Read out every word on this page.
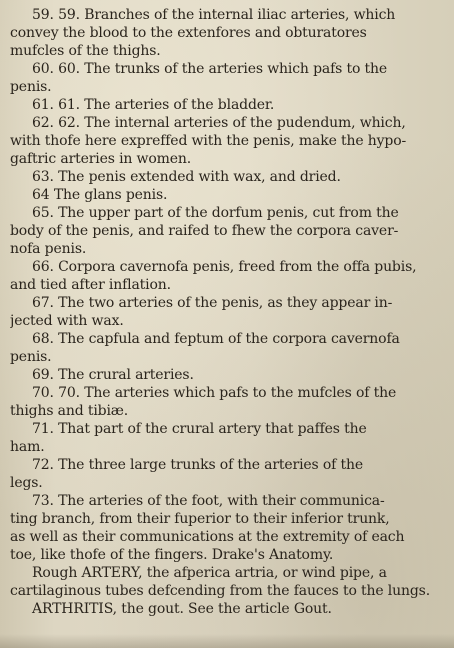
59. 59. Branches of the internal iliac arteries, which
convey the blood to the extenfores and obturatores
mufcles of the thighs.
60. 60. The trunks of the arteries which pafs to the
penis.
61. 61. The arteries of the bladder.
62. 62. The internal arteries of the pudendum, which,
with thofe here expreffed with the penis, make the hypo-
gaftric arteries in women.
63. The penis extended with wax, and dried.
64 The glans penis.
65. The upper part of the dorfum penis, cut from the
body of the penis, and raifed to fhew the corpora caver-
nofa penis.
66. Corpora cavernofa penis, freed from the offa pubis,
and tied after inflation.
67. The two arteries of the penis, as they appear in-
jected with wax.
68. The capfula and feptum of the corpora cavernofa
penis.
69. The crural arteries.
70. 70. The arteries which pafs to the mufcles of the
thighs and tibiæ.
71. That part of the crural artery that paffes the
ham.
72. The three large trunks of the arteries of the
legs.
73. The arteries of the foot, with their communica-
ting branch, from their fuperior to their inferior trunk,
as well as their communications at the extremity of each
toe, like thofe of the fingers. Drake's Anatomy.
Rough ARTERY, the afperica artria, or wind pipe, a
cartilaginous tubes defcending from the fauces to the lungs.
ARTHRITIS, the gout. See the article Gout.
